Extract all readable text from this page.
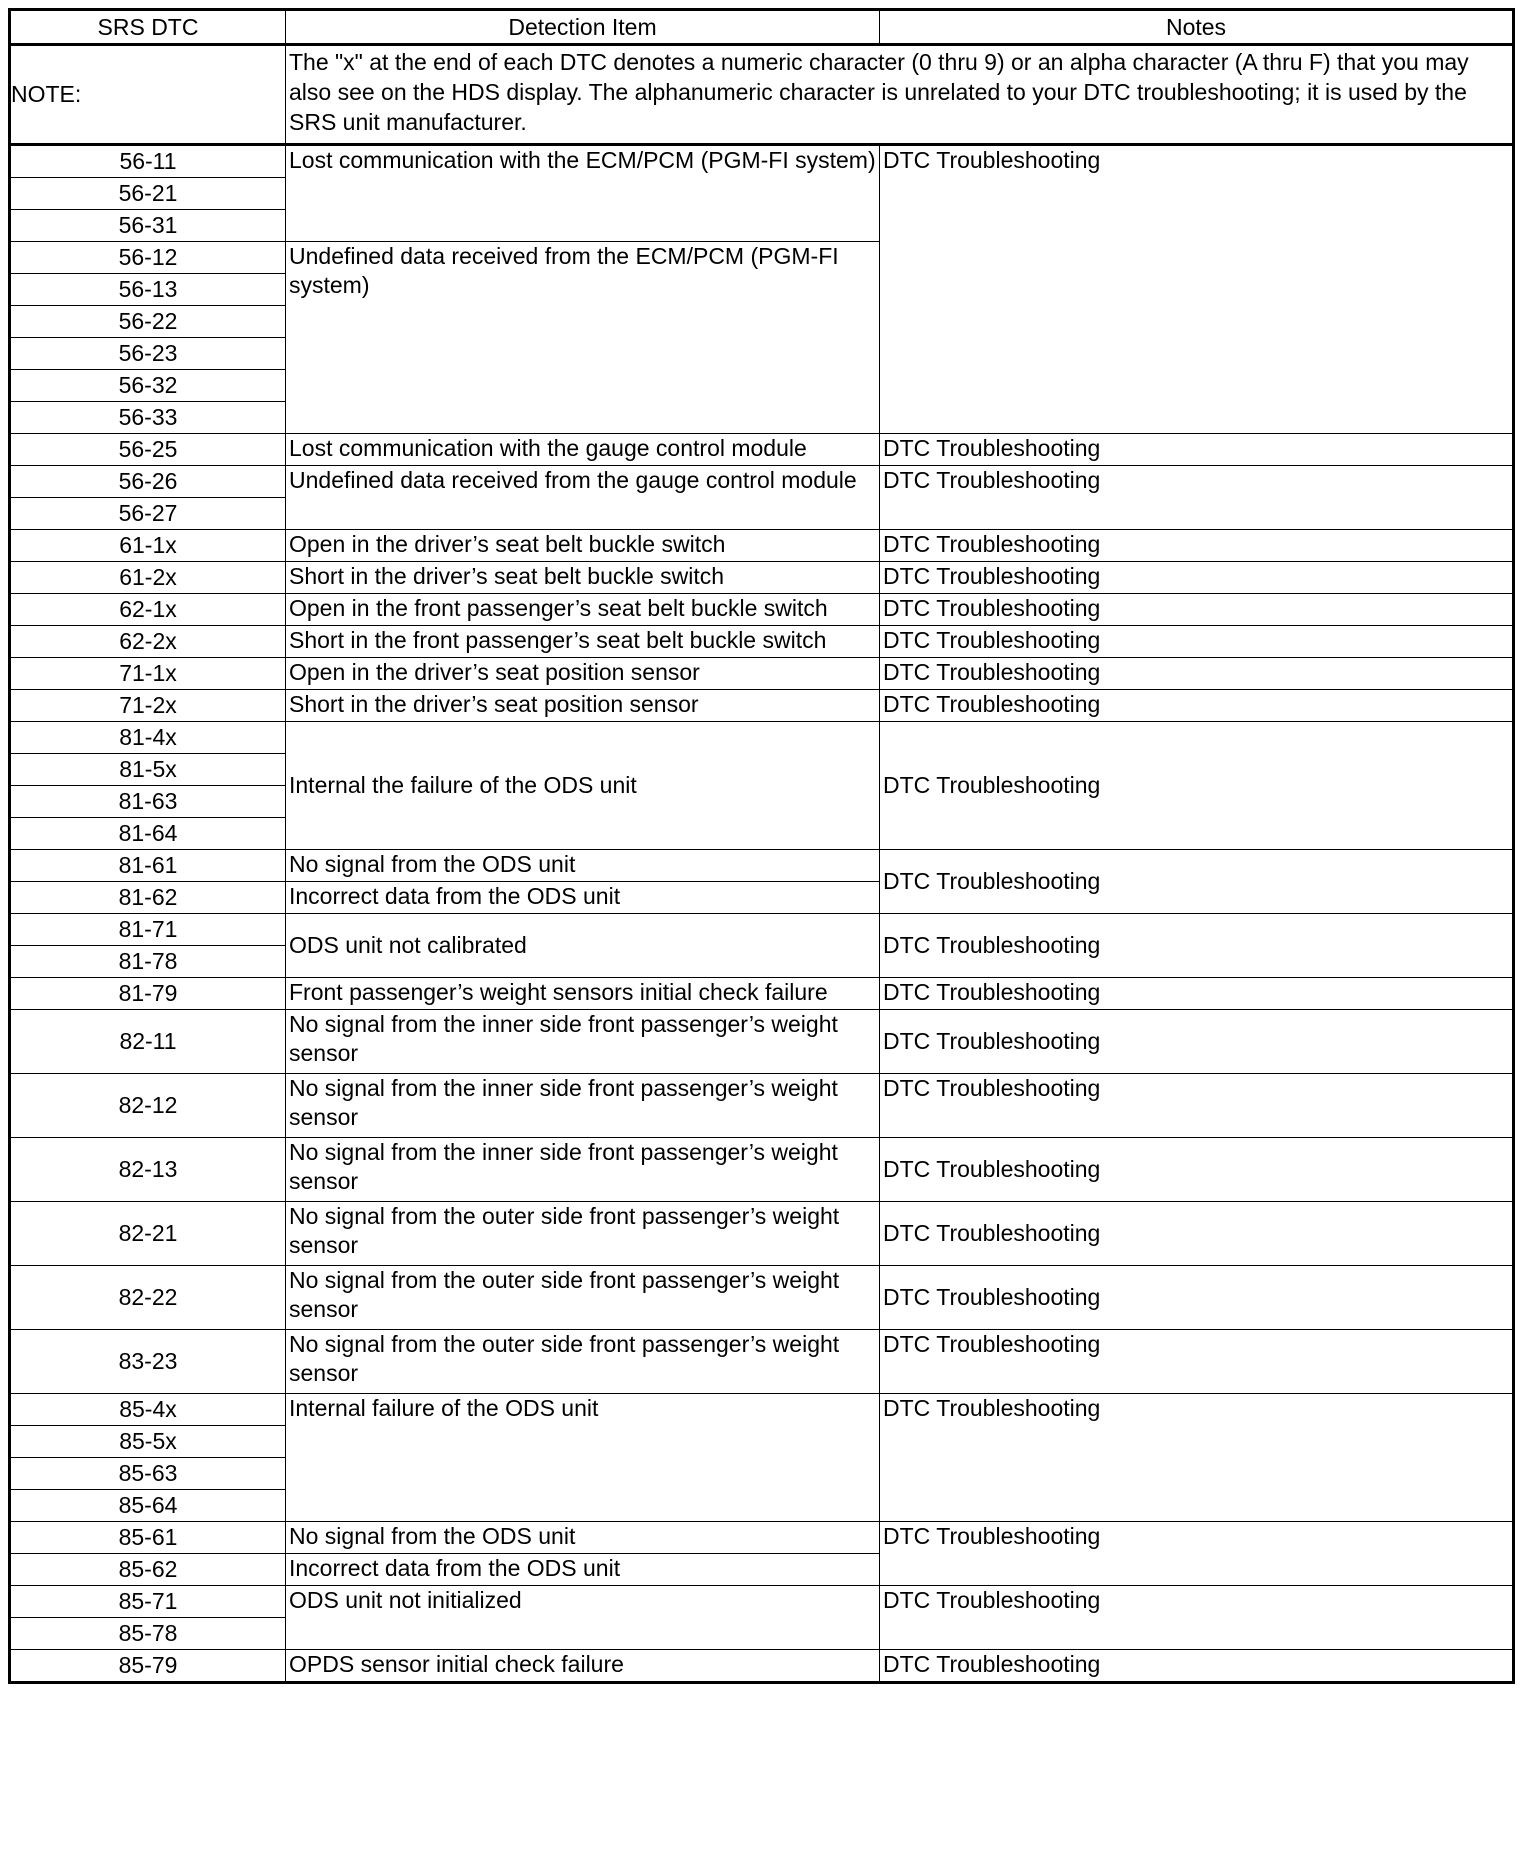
SRS DTC	Detection Item	Notes
NOTE:	The "x" at the end of each DTC denotes a numeric character (0 thru 9) or an alpha character (A thru F) that you may also see on the HDS display. The alphanumeric character is unrelated to your DTC troubleshooting; it is used by the SRS unit manufacturer.	
56-11	Lost communication with the ECM/PCM (PGM-FI system)	DTC Troubleshooting
56-21		
56-31		
56-12	Undefined data received from the ECM/PCM (PGM-FI system)	
56-13		
56-22		
56-23		
56-32		
56-33		
56-25	Lost communication with the gauge control module	DTC Troubleshooting
56-26	Undefined data received from the gauge control module	DTC Troubleshooting
56-27		
61-1x	Open in the driver’s seat belt buckle switch	DTC Troubleshooting
61-2x	Short in the driver’s seat belt buckle switch	DTC Troubleshooting
62-1x	Open in the front passenger’s seat belt buckle switch	DTC Troubleshooting
62-2x	Short in the front passenger’s seat belt buckle switch	DTC Troubleshooting
71-1x	Open in the driver’s seat position sensor	DTC Troubleshooting
71-2x	Short in the driver’s seat position sensor	DTC Troubleshooting
81-4x	Internal the failure of the ODS unit	DTC Troubleshooting
81-5x		
81-63		
81-64		
81-61	No signal from the ODS unit	DTC Troubleshooting
81-62	Incorrect data from the ODS unit	
81-71	ODS unit not calibrated	DTC Troubleshooting
81-78		
81-79	Front passenger’s weight sensors initial check failure	DTC Troubleshooting
82-11	No signal from the inner side front passenger’s weight sensor	DTC Troubleshooting
82-12	No signal from the inner side front passenger’s weight sensor	DTC Troubleshooting
82-13	No signal from the inner side front passenger’s weight sensor	DTC Troubleshooting
82-21	No signal from the outer side front passenger’s weight sensor	DTC Troubleshooting
82-22	No signal from the outer side front passenger’s weight sensor	DTC Troubleshooting
83-23	No signal from the outer side front passenger’s weight sensor	DTC Troubleshooting
85-4x	Internal failure of the ODS unit	DTC Troubleshooting
85-5x		
85-63		
85-64		
85-61	No signal from the ODS unit	DTC Troubleshooting
85-62	Incorrect data from the ODS unit	
85-71	ODS unit not initialized	DTC Troubleshooting
85-78		
85-79	OPDS sensor initial check failure	DTC Troubleshooting
